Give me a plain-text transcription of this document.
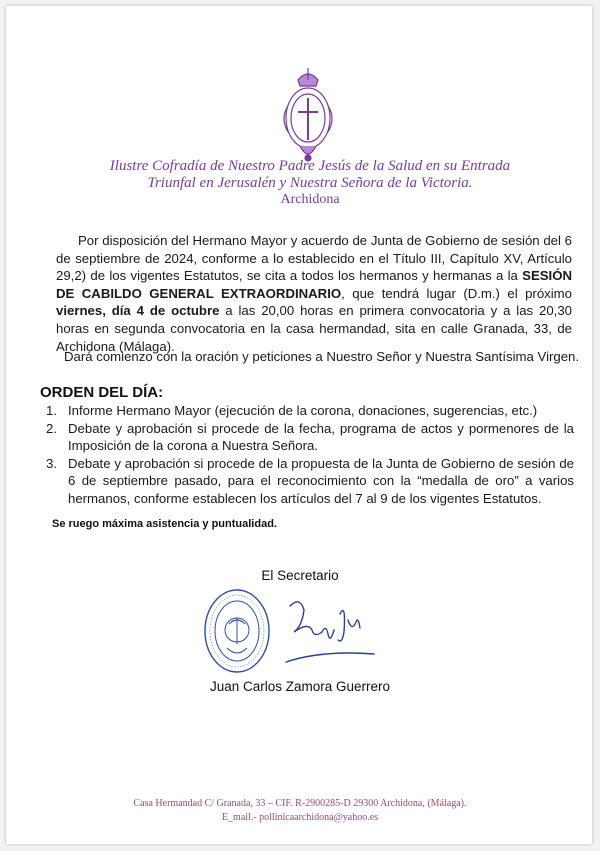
Ilustre Cofradía de Nuestro Padre Jesús de la Salud en su Entrada
Triunfal en Jerusalén y Nuestra Señora de la Victoria.
Archidona
Por disposición del Hermano Mayor y acuerdo de Junta de Gobierno de sesión del 6 de septiembre de 2024, conforme a lo establecido en el Título III, Capítulo XV, Artículo 29,2) de los vigentes Estatutos, se cita a todos los hermanos y hermanas a la SESIÓN DE CABILDO GENERAL EXTRAORDINARIO, que tendrá lugar (D.m.) el próximo viernes, día 4 de octubre a las 20,00 horas en primera convocatoria y a las 20,30 horas en segunda convocatoria en la casa hermandad, sita en calle Granada, 33, de Archidona (Málaga).
Dará comienzo con la oración y peticiones a Nuestro Señor y Nuestra Santísima Virgen.
ORDEN DEL DÍA:
1. Informe Hermano Mayor (ejecución de la corona, donaciones, sugerencias, etc.)
2. Debate y aprobación si procede de la fecha, programa de actos y pormenores de la Imposición de la corona a Nuestra Señora.
3. Debate y aprobación si procede de la propuesta de la Junta de Gobierno de sesión de 6 de septiembre pasado, para el reconocimiento con la “medalla de oro” a varios hermanos, conforme establecen los artículos del 7 al 9 de los vigentes Estatutos.
Se ruego máxima asistencia y puntualidad.
El Secretario
Juan Carlos Zamora Guerrero
Casa Hermandad C/ Granada, 33 – CIF. R-2900285-D 29300 Archidona, (Málaga).
E_mail.- pollinicaarchidona@yahoo.es
